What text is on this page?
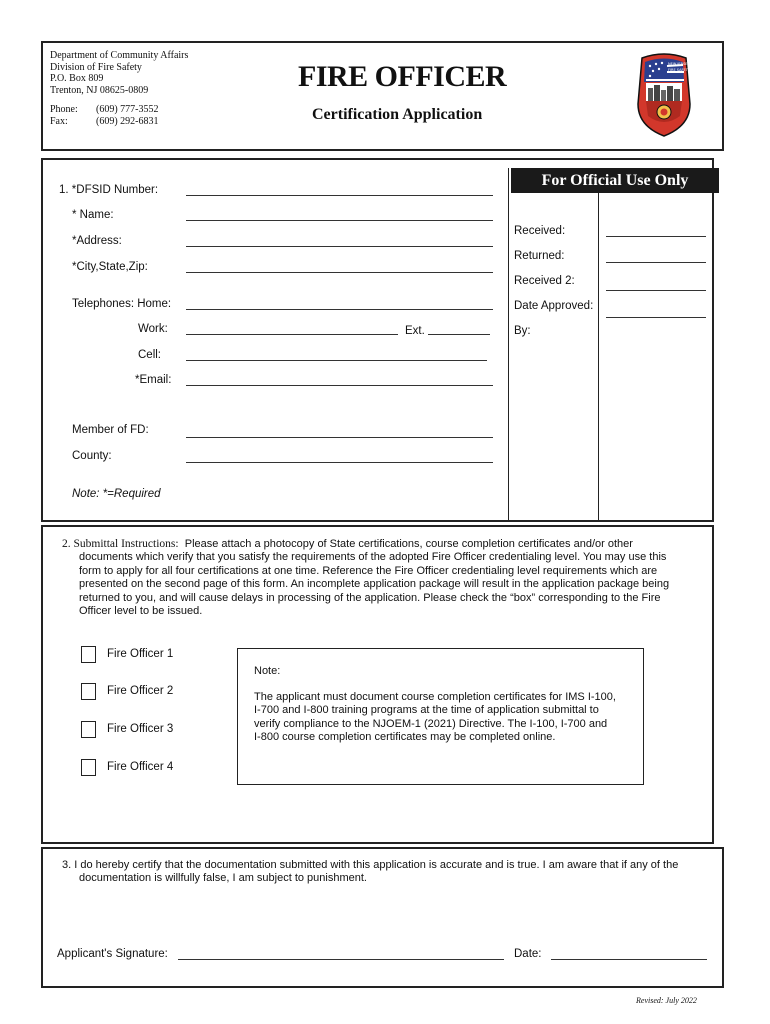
Department of Community Affairs
Division of Fire Safety
P.O. Box 809
Trenton, NJ 08625-0809
Phone: (609) 777-3552
Fax:	(609) 292-6831
FIRE OFFICER
Certification Application
NEW JERSEY
FIRE SAFETY
1. *DFSID Number:
* Name:
*Address:
*City,State,Zip:
Telephones: Home:
Work:	Ext.
Cell:
*Email:
Member of FD:
County:
Note: *=Required
For Official Use Only
Received:
Returned:
Received 2:
Date Approved:
By:
2. Submittal Instructions: Please attach a photocopy of State certifications, course completion certificates and/or other
documents which verify that you satisfy the requirements of the adopted Fire Officer credentialing level. You may use this
form to apply for all four certifications at one time. Reference the Fire Officer credentialing level requirements which are
presented on the second page of this form. An incomplete application package will result in the application package being
returned to you, and will cause delays in processing of the application. Please check the “box” corresponding to the Fire
Officer level to be issued.
Fire Officer 1
Fire Officer 2
Fire Officer 3
Fire Officer 4
Note:
The applicant must document course completion certificates for IMS I-100,
I-700 and I-800 training programs at the time of application submittal to
verify compliance to the NJOEM-1 (2021) Directive. The I-100, I-700 and
I-800 course completion certificates may be completed online.
3. I do hereby certify that the documentation submitted with this application is accurate and is true. I am aware that if any of the
documentation is willfully false, I am subject to punishment.
Applicant's Signature:	Date:
Revised: July 2022
